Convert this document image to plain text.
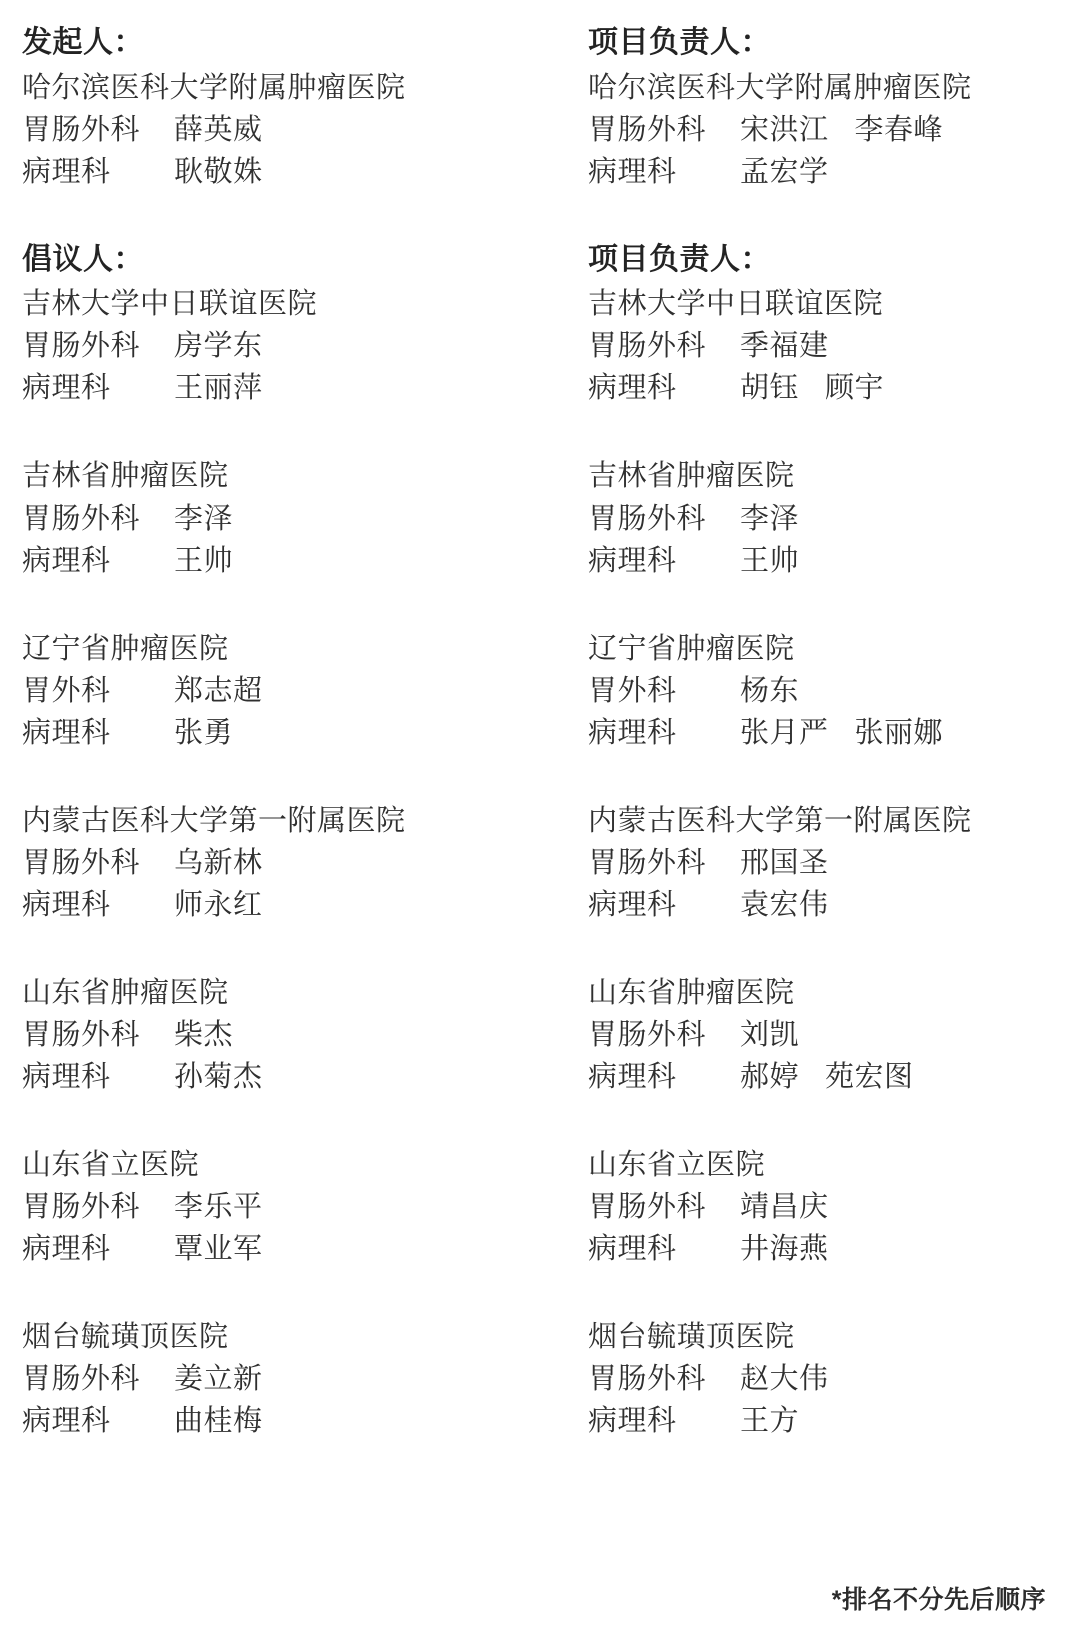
发起人：
哈尔滨医科大学附属肿瘤医院
胃肠外科	薛英威
病理科	耿敬姝
倡议人：
吉林大学中日联谊医院
胃肠外科	房学东
病理科	王丽萍
吉林省肿瘤医院
胃肠外科	李泽
病理科	王帅
辽宁省肿瘤医院
胃外科	郑志超
病理科	张勇
内蒙古医科大学第一附属医院
胃肠外科	乌新林
病理科	师永红
山东省肿瘤医院
胃肠外科	柴杰
病理科	孙菊杰
山东省立医院
胃肠外科	李乐平
病理科	覃业军
烟台毓璜顶医院
胃肠外科	姜立新
病理科	曲桂梅
项目负责人：
哈尔滨医科大学附属肿瘤医院
胃肠外科	宋洪江 李春峰
病理科	孟宏学
项目负责人：
吉林大学中日联谊医院
胃肠外科	季福建
病理科	胡钰 顾宇
吉林省肿瘤医院
胃肠外科	李泽
病理科	王帅
辽宁省肿瘤医院
胃外科	杨东
病理科	张月严 张丽娜
内蒙古医科大学第一附属医院
胃肠外科	邢国圣
病理科	袁宏伟
山东省肿瘤医院
胃肠外科	刘凯
病理科	郝婷 苑宏图
山东省立医院
胃肠外科	靖昌庆
病理科	井海燕
烟台毓璜顶医院
胃肠外科	赵大伟
病理科	王方
*排名不分先后顺序
